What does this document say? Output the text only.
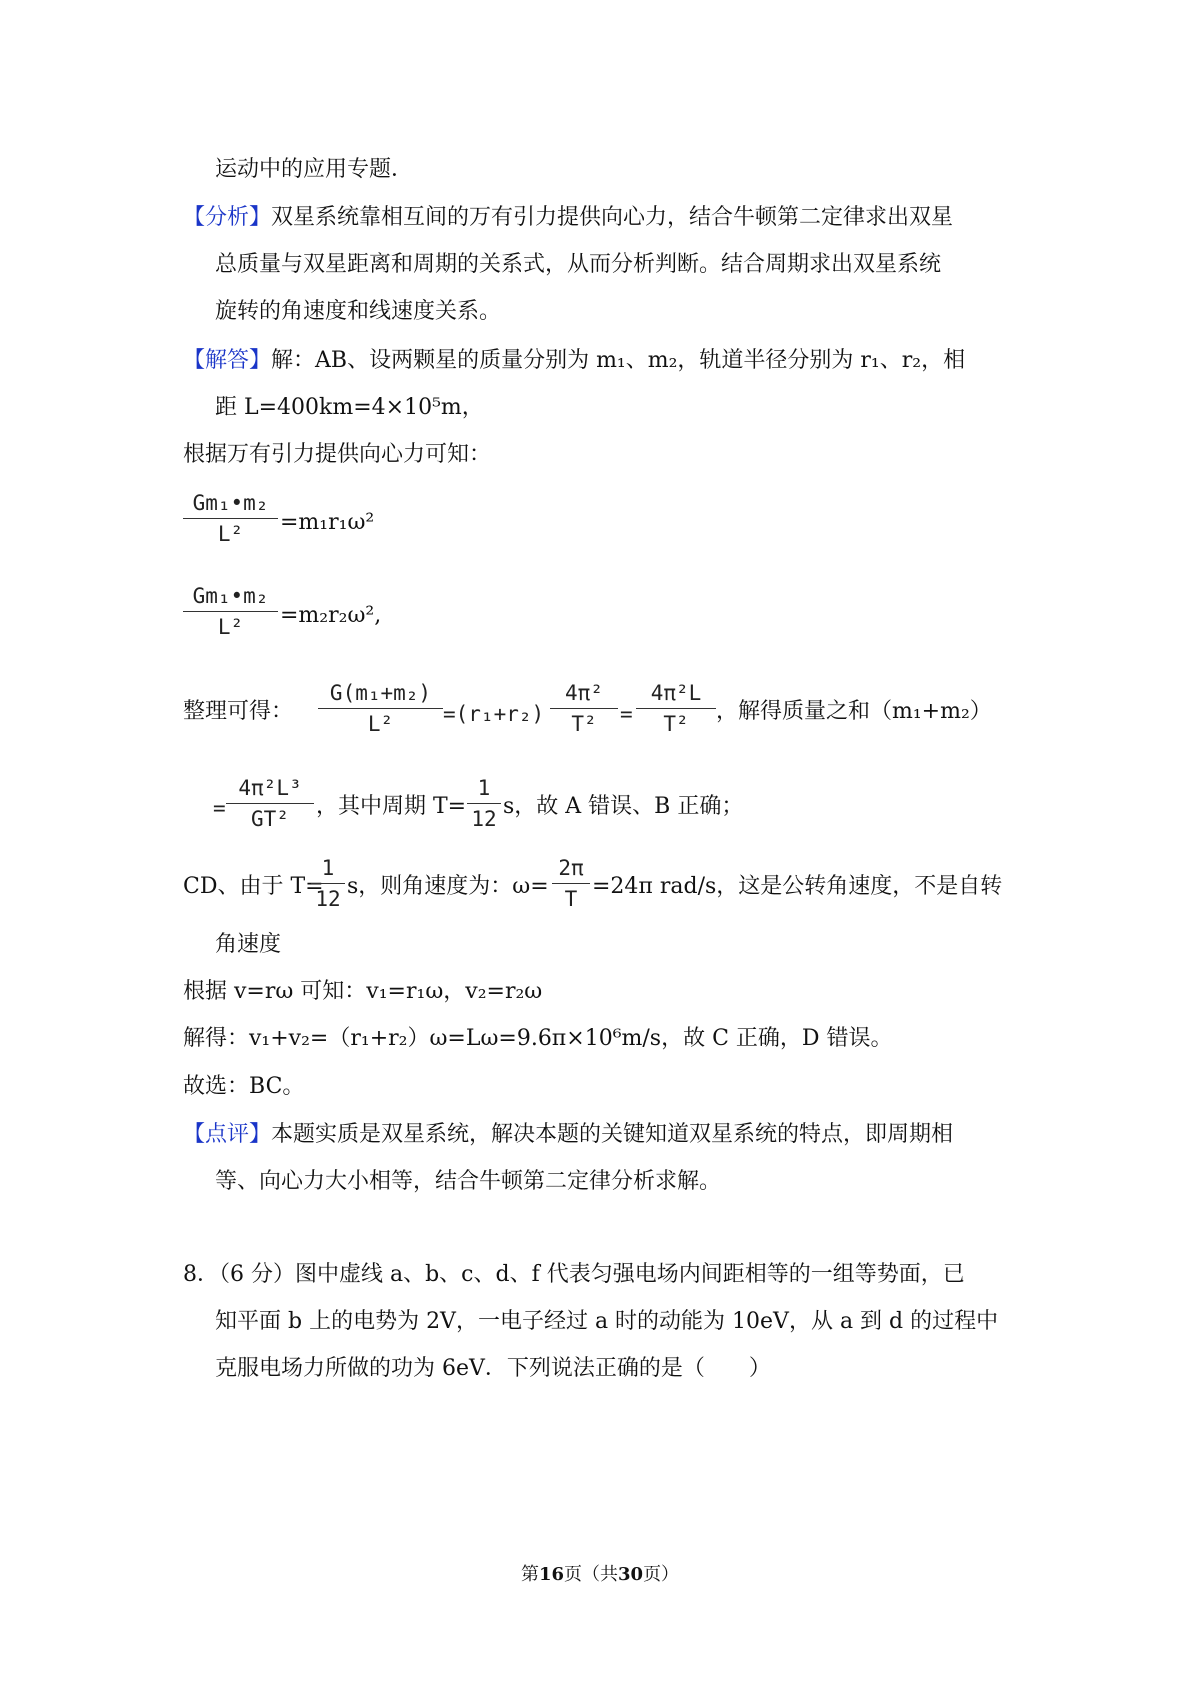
运动中的应用专题．
【分析】双星系统靠相互间的万有引力提供向心力，结合牛顿第二定律求出双星
总质量与双星距离和周期的关系式，从而分析判断。结合周期求出双星系统
旋转的角速度和线速度关系。
【解答】解：AB、设两颗星的质量分别为 m₁、m₂，轨道半径分别为 r₁、r₂，相
距 L=400km=4×10⁵m，
根据万有引力提供向心力可知：
Gm₁•m₂
L²	=m₁r₁ω²
Gm₁•m₂
L²	=m₂r₂ω²,
整理可得：
G(m₁+m₂)
L²	=(r₁+r₂)
4π²
T²	=
4π²L
T²	，解得质量之和（m₁+m₂）
=
4π²L³
GT²	，其中周期 T=
1
12 s，故 A 错误、B 正确；
CD、由于 T=
1
12 s，则角速度为：ω=
2π
T =24π rad/s，这是公转角速度，不是自转
角速度
根据 v=rω 可知：v₁=r₁ω，v₂=r₂ω
解得：v₁+v₂=（r₁+r₂）ω=Lω=9.6π×10⁶m/s，故 C 正确，D 错误。
故选：BC。
【点评】本题实质是双星系统，解决本题的关键知道双星系统的特点，即周期相
等、向心力大小相等，结合牛顿第二定律分析求解。
8．（6 分）图中虚线 a、b、c、d、f 代表匀强电场内间距相等的一组等势面，已
知平面 b 上的电势为 2V，一电子经过 a 时的动能为 10eV，从 a 到 d 的过程中
克服电场力所做的功为 6eV．下列说法正确的是（　　）
第16页（共30页）
